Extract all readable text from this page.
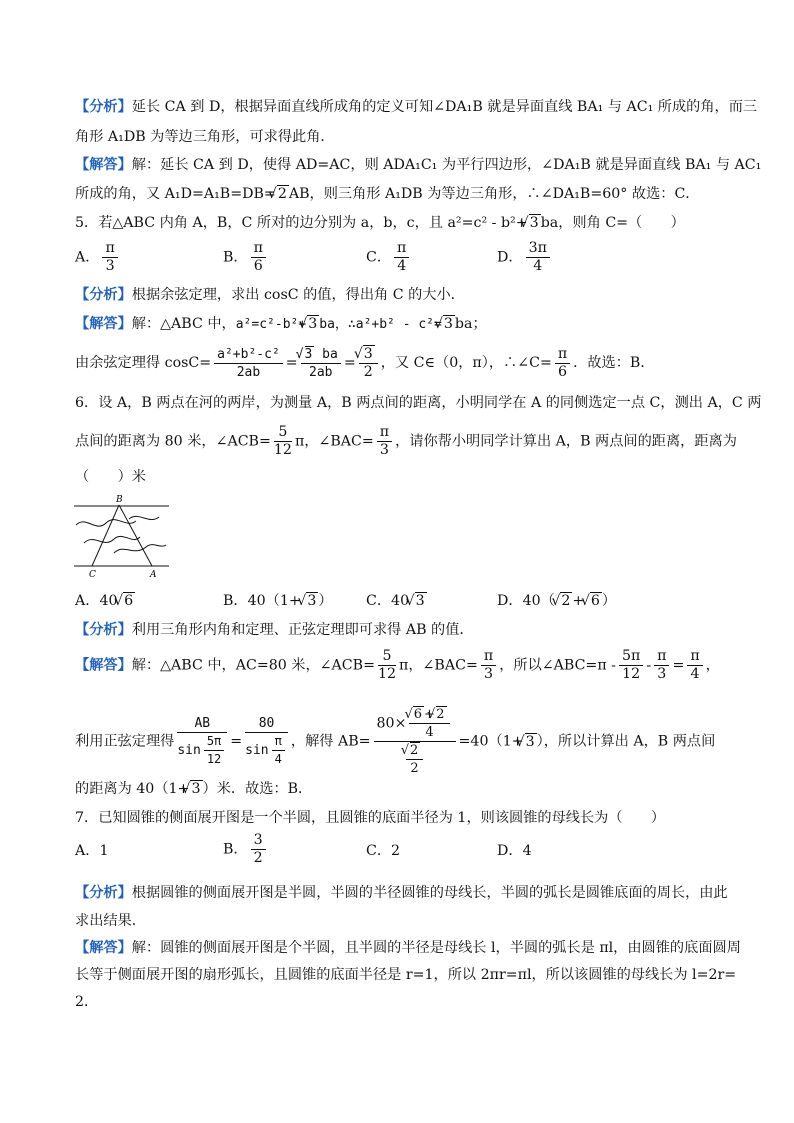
【分析】延长 CA 到 D，根据异面直线所成角的定义可知∠DA₁B 就是异面直线 BA₁ 与 AC₁ 所成的角，而三
角形 A₁DB 为等边三角形，可求得此角．
【解答】解：延长 CA 到 D，使得 AD=AC，则 ADA₁C₁ 为平行四边形，∠DA₁B 就是异面直线 BA₁ 与 AC₁
所成的角，又 A₁D=A₁B=DB=√ 2 AB，则三角形 A₁DB 为等边三角形，∴∠DA₁B=60° 故选：C．
5．若△ABC 内角 A，B，C 所对的边分别为 a，b，c，且 a²=c² - b²+√ 3 ba，则角 C=（　　）
A． $\frac{\pi}{3}$	B． $\frac{\pi}{6}$	C． $\frac{\pi}{4}$	D． $\frac{3\pi}{4}$
【分析】根据余弦定理，求出 cosC 的值，得出角 C 的大小．
【解答】解：△ABC 中，a²=c²-b²+√ 3 ba，∴a²+b² - c²=√ 3 ba；
由余弦定理得 $\cos C= \frac{\text{a²+b²-c²}}{2ab}$ =
√ $\frac{3 ba}{2ab}$ =
√ $\frac{3}{2}$ ，又 C∈（0，π），∴∠C= $\frac{\pi}{6}$ ．故选：B．
6．设 A，B 两点在河的两岸，为测量 A，B 两点间的距离，小明同学在 A 的同侧选定一点 C，测出 A，C 两
点间的距离为 80 米，∠ACB= $\frac{5}{12}$ π，∠BAC= $\frac{\pi}{3}$ ，请你帮小明同学计算出 A，B 两点间的距离，距离为
（　　）米
B
C	A
A．40 √ 6	B．40（1+ √ 3 ） C．40 √ 3	D．40（ √ 2 + √ 6 ）
【分析】利用三角形内角和定理、正弦定理即可求得 AB 的值．
【解答】解：△ABC 中，AC=80 米，∠ACB= $\frac{5}{12}$ π，∠BAC= $\frac{\pi}{3}$ ，所以∠ABC=π - $\frac{5\pi}{12} - \frac{\pi}{3} = \frac{\pi}{4}$ ，
利用正弦定理得 $\frac{AB}{\sin \frac{5\pi}{12}} = \frac{80}{\sin \frac{\pi}{4}}$ ，解得 AB= 80×
√ $\frac{6 +√ 2}{4}$
√ $\frac{2}{2} =40(1+√$ 3 ），所以计算出 A，B 两点间
的距离为 40（1+√ 3 ）米．故选：B．
7．已知圆锥的侧面展开图是一个半圆，且圆锥的底面半径为 1，则该圆锥的母线长为（　　）
A．1	B． $\frac{3}{2}$	C．2	D．4
【分析】根据圆锥的侧面展开图是半圆，半圆的半径圆锥的母线长，半圆的弧长是圆锥底面的周长，由此
求出结果．
【解答】解：圆锥的侧面展开图是个半圆，且半圆的半径是母线长 l，半圆的弧长是 πl，由圆锥的底面圆周
长等于侧面展开图的扇形弧长，且圆锥的底面半径是 r=1，所以 2πr=πl，所以该圆锥的母线长为 l=2r=
2．
